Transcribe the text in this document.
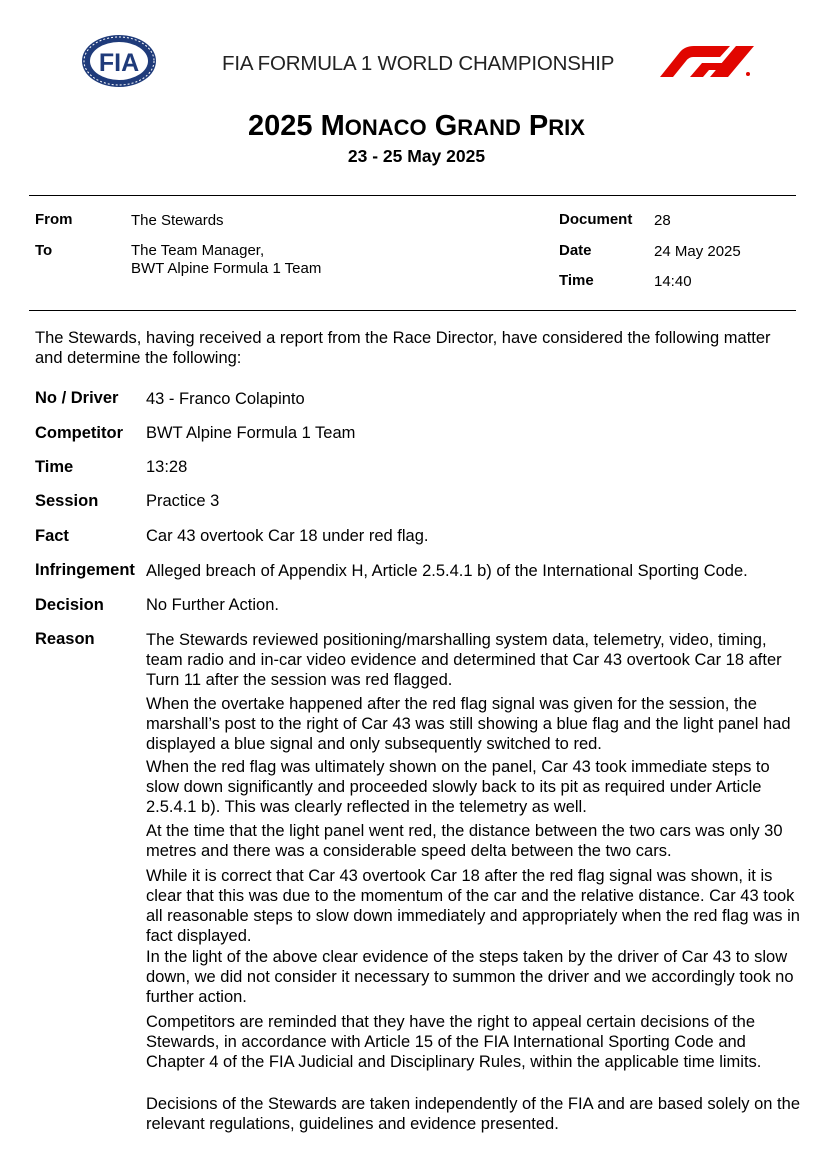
FIA	FIA FORMULA 1 WORLD CHAMPIONSHIP
2025 MONACO GRAND PRIX
23 - 25 May 2025
From	The Stewards
To	The Team Manager,
BWT Alpine Formula 1 Team
Document 28
Date	24 May 2025
Time	14:40
The Stewards, having received a report from the Race Director, have considered the following matter and determine the following:
No / Driver 43 - Franco Colapinto
Competitor BWT Alpine Formula 1 Team
Time	13:28
Session	Practice 3
Fact	Car 43 overtook Car 18 under red flag.
Infringement Alleged breach of Appendix H, Article 2.5.4.1 b) of the International Sporting Code.
Decision	No Further Action.
Reason	The Stewards reviewed positioning/marshalling system data, telemetry, video, timing, team radio and in-car video evidence and determined that Car 43 overtook Car 18 after Turn 11 after the session was red flagged.
When the overtake happened after the red flag signal was given for the session, the marshall’s post to the right of Car 43 was still showing a blue flag and the light panel had displayed a blue signal and only subsequently switched to red.
When the red flag was ultimately shown on the panel, Car 43 took immediate steps to slow down significantly and proceeded slowly back to its pit as required under Article 2.5.4.1 b). This was clearly reflected in the telemetry as well.
At the time that the light panel went red, the distance between the two cars was only 30 metres and there was a considerable speed delta between the two cars.
While it is correct that Car 43 overtook Car 18 after the red flag signal was shown, it is clear that this was due to the momentum of the car and the relative distance. Car 43 took all reasonable steps to slow down immediately and appropriately when the red flag was in fact displayed.
In the light of the above clear evidence of the steps taken by the driver of Car 43 to slow down, we did not consider it necessary to summon the driver and we accordingly took no further action.
Competitors are reminded that they have the right to appeal certain decisions of the Stewards, in accordance with Article 15 of the FIA International Sporting Code and Chapter 4 of the FIA Judicial and Disciplinary Rules, within the applicable time limits.
Decisions of the Stewards are taken independently of the FIA and are based solely on the relevant regulations, guidelines and evidence presented.
